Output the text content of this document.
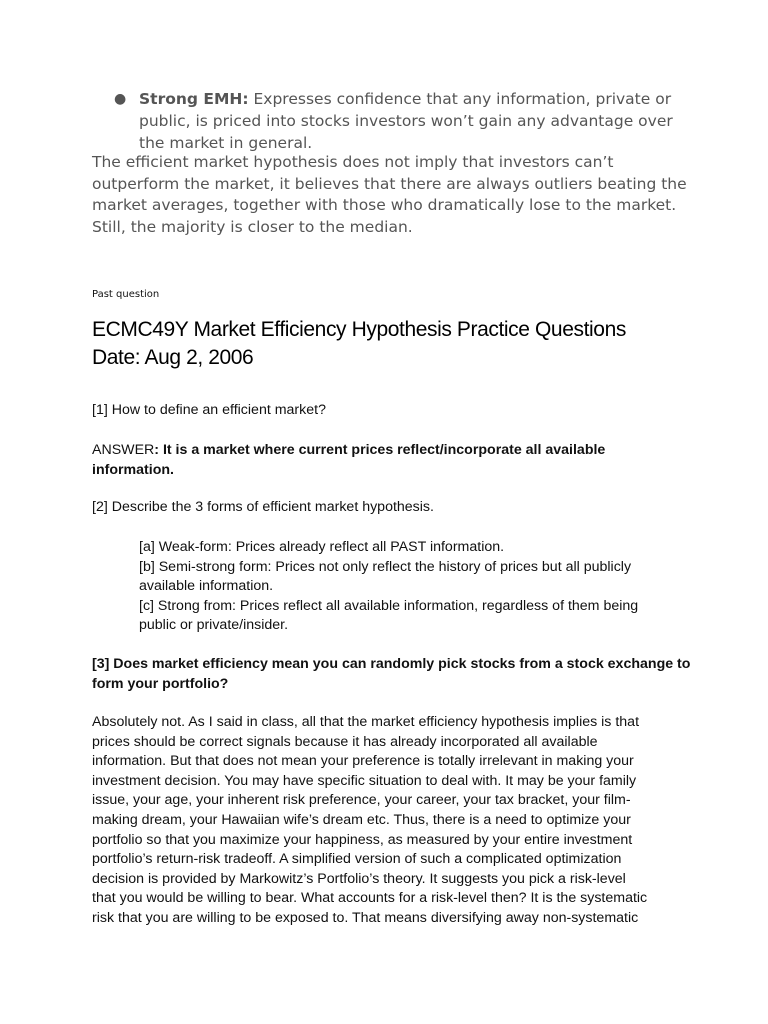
● Strong EMH: Expresses confidence that any information, private or
public, is priced into stocks investors won’t gain any advantage over
the market in general.
The efficient market hypothesis does not imply that investors can’t
outperform the market, it believes that there are always outliers beating the
market averages, together with those who dramatically lose to the market.
Still, the majority is closer to the median.
Past question
ECMC49Y Market Efficiency Hypothesis Practice Questions
Date: Aug 2, 2006
[1] How to define an efficient market?
ANSWER: It is a market where current prices reflect/incorporate all available
information.
[2] Describe the 3 forms of efficient market hypothesis.
[a] Weak-form: Prices already reflect all PAST information.
[b] Semi-strong form: Prices not only reflect the history of prices but all publicly
available information.
[c] Strong from: Prices reflect all available information, regardless of them being
public or private/insider.
[3] Does market efficiency mean you can randomly pick stocks from a stock exchange to
form your portfolio?
Absolutely not. As I said in class, all that the market efficiency hypothesis implies is that
prices should be correct signals because it has already incorporated all available
information. But that does not mean your preference is totally irrelevant in making your
investment decision. You may have specific situation to deal with. It may be your family
issue, your age, your inherent risk preference, your career, your tax bracket, your film-
making dream, your Hawaiian wife’s dream etc. Thus, there is a need to optimize your
portfolio so that you maximize your happiness, as measured by your entire investment
portfolio’s return-risk tradeoff. A simplified version of such a complicated optimization
decision is provided by Markowitz’s Portfolio’s theory. It suggests you pick a risk-level
that you would be willing to bear. What accounts for a risk-level then? It is the systematic
risk that you are willing to be exposed to. That means diversifying away non-systematic
